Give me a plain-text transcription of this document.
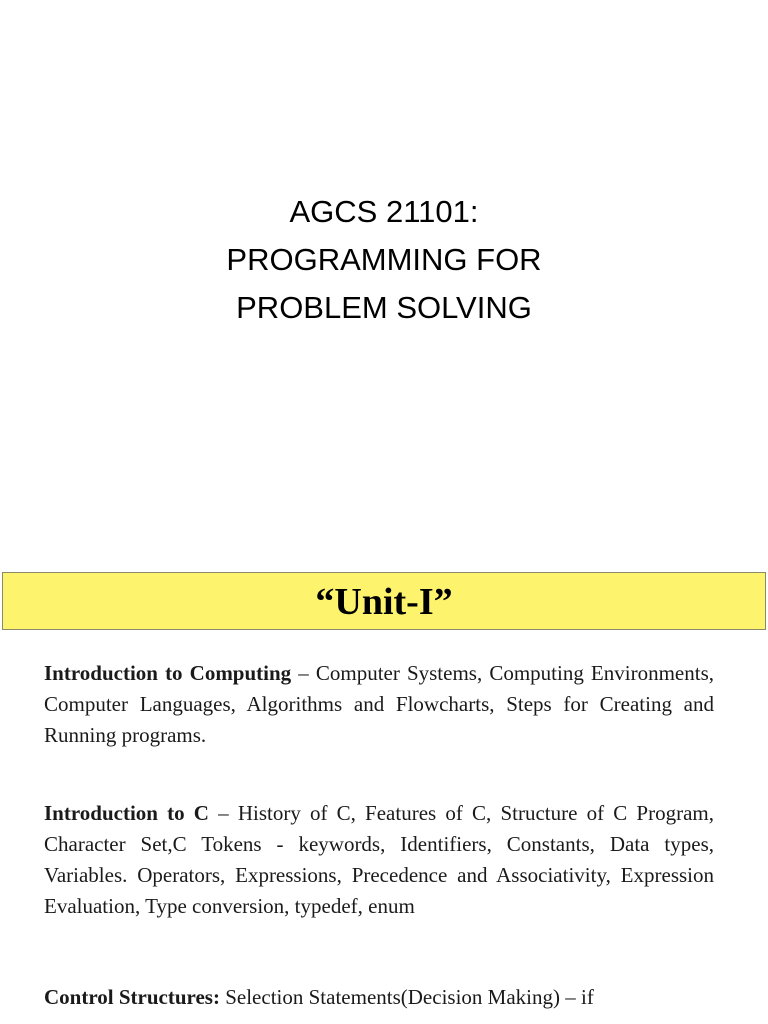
AGCS 21101:
PROGRAMMING FOR
PROBLEM SOLVING
“Unit-I”

Introduction to Computing – Computer Systems, Computing Environments, Computer Languages, Algorithms and Flowcharts, Steps for Creating and Running programs.

Introduction to C – History of C, Features of C, Structure of C Program, Character Set,C Tokens - keywords, Identifiers, Constants, Data types, Variables. Operators, Expressions, Precedence and Associativity, Expression Evaluation, Type conversion, typedef, enum

Control Structures: Selection Statements(Decision Making) – if
